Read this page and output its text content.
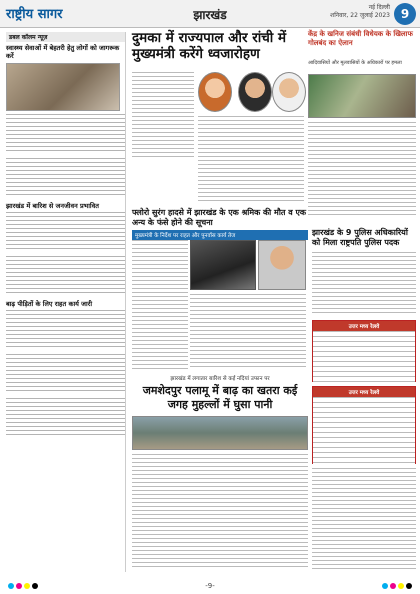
राष्ट्रीय सागर	झारखंड
नई दिल्ली
शनिवार, 22 जुलाई 2023 9
डबल कॉलम न्यूज़
स्वास्थ्य सेवाओं में बेहतरी हेतु लोगों को जागरूक करें
झारखंड में बारिश से जनजीवन प्रभावित
बाढ़ पीड़ितों के लिए राहत कार्य जारी
दुमका में राज्यपाल और रांची में मुख्यमंत्री करेंगे ध्वजारोहण
केंद्र के खनिज संबंधी विधेयक के खिलाफ गोलबंद का ऐलान
आदिवासियों और मूलवासियों के अधिकारों पर हमला
फ्लोरो सुरंग हादसे में झारखंड के एक श्रमिक की मौत व एक अन्य के फंसे होने की सूचना
मुख्यमंत्री के निर्देश पर राहत और पुनर्वास कार्य तेज	झारखंड के 9 पुलिस अधिकारियों को मिला राष्ट्रपति पुलिस पदक
उत्तर मध्य रेलवे
उत्तर मध्य रेलवे
झारखंड में लगातार बारिश से कई नदियां उफान पर
जमशेदपुर पलामू में बाढ़ का खतरा कई जगह मुहल्लों में घुसा पानी
-9-
